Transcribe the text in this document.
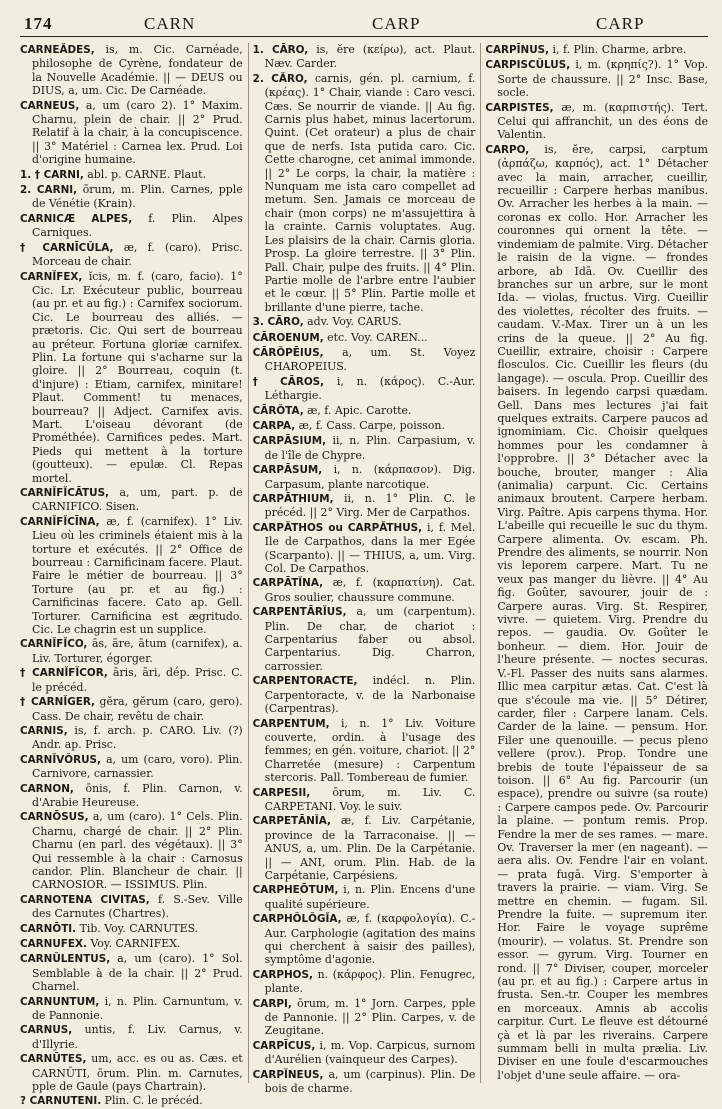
174	CARN	CARP	CARP

CARNEĂDES, is, m. Cic. Carnéade, philosophe de Cyrène, fondateur de la Nouvelle Académie. || — DEUS ou DIUS, a, um. Cic. De Carnéade.

CARNEUS, a, um (caro 2). 1° Maxim. Charnu, plein de chair. || 2° Prud. Relatif à la chair, à la concupiscence. || 3° Matériel : Carnea lex. Prud. Loi d'origine humaine.

1. † CARNI, abl. p. CARNE. Plaut.

2. CARNI, ōrum, m. Plin. Carnes, pple de Vénétie (Krain).

CARNICÆ ALPES, f. Plin. Alpes Carniques.

† CARNĪCŬLA, æ, f. (caro). Prisc. Morceau de chair.

CARNĬFEX, ĭcis, m. f. (caro, facio). 1° Cic. Lr. Exécuteur public, bourreau (au pr. et au fig.) : Carnifex sociorum. Cic. Le bourreau des alliés. — prætoris. Cic. Qui sert de bourreau au préteur. Fortuna gloriæ carnifex. Plin. La fortune qui s'acharne sur la gloire. || 2° Bourreau, coquin (t. d'injure) : Etiam, carnifex, minitare! Plaut. Comment! tu menaces, bourreau? || Adject. Carnifex avis. Mart. L'oiseau dévorant (de Prométhée). Carnifices pedes. Mart. Pieds qui mettent à la torture (goutteux). — epulæ. Cl. Repas mortel.

CARNĬFĬCĀTUS, a, um, part. p. de CARNIFICO. Sisen.

CARNĬFĬCĪNA, æ, f. (carnifex). 1° Liv. Lieu où les criminels étaient mis à la torture et exécutés. || 2° Office de bourreau : Carnificinam facere. Plaut. Faire le métier de bourreau. || 3° Torture (au pr. et au fig.) : Carnificinas facere. Cato ap. Gell. Torturer. Carnificina est ægritudo. Cic. Le chagrin est un supplice.

CARNĬFĬCO, ās, āre, ātum (carnifex), a. Liv. Torturer, égorger.

† CARNĬFĬCOR, āris, āri, dép. Prisc. C. le précéd.

† CARNĬGER, gĕra, gĕrum (caro, gero). Cass. De chair, revêtu de chair.

CARNIS, is, f. arch. p. CARO. Liv. (?) Andr. ap. Prisc.

CARNĬVŎRUS, a, um (caro, voro). Plin. Carnivore, carnassier.

CARNON, ōnis, f. Plin. Carnon, v. d'Arabie Heureuse.

CARNŌSUS, a, um (caro). 1° Cels. Plin. Charnu, chargé de chair. || 2° Plin. Charnu (en parl. des végétaux). || 3° Qui ressemble à la chair : Carnosus candor. Plin. Blancheur de chair. || CARNOSIOR. — ISSIMUS. Plin.

CARNOTENA CIVITAS, f. S.-Sev. Ville des Carnutes (Chartres).

CARNŌTI. Tib. Voy. CARNUTES.

CARNUFEX. Voy. CARNIFEX.

CARNŬLENTUS, a, um (caro). 1° Sol. Semblable à de la chair. || 2° Prud. Charnel.

CARNUNTUM, i, n. Plin. Carnuntum, v. de Pannonie.

CARNUS, untis, f. Liv. Carnus, v. d'Illyrie.

CARNŪTES, um, acc. es ou as. Cæs. et CARNŪTI, ōrum. Plin. m. Carnutes, pple de Gaule (pays Chartrain).

? CARNUTENI. Plin. C. le précéd.

1. CĀRO, is, ĕre (κείρω), act. Plaut. Næv. Carder.

2. CĂRO, carnis, gén. pl. carnium, f. (κρέας). 1° Chair, viande : Caro vesci. Cæs. Se nourrir de viande. || Au fig. Carnis plus habet, minus lacertorum. Quint. (Cet orateur) a plus de chair que de nerfs. Ista putida caro. Cic. Cette charogne, cet animal immonde. || 2° Le corps, la chair, la matière : Nunquam me ista caro compellet ad metum. Sen. Jamais ce morceau de chair (mon corps) ne m'assujettira à la crainte. Carnis voluptates. Aug. Les plaisirs de la chair. Carnis gloria. Prosp. La gloire terrestre. || 3° Plin. Pall. Chair, pulpe des fruits. || 4° Plin. Partie molle de l'arbre entre l'aubier et le cœur. || 5° Plin. Partie molle et brillante d'une pierre, tache.

3. CĀRO, adv. Voy. CARUS.

CĀROENUM, etc. Voy. CAREN...

CĀRŎPĒIUS, a, um. St. Voyez CHAROPEIUS.

† CĀROS, i, n. (κάρος). C.-Aur. Léthargie.

CĀRŎTA, æ, f. Apic. Carotte.

CARPA, æ, f. Cass. Carpe, poisson.

CARPĀSIUM, ii, n. Plin. Carpasium, v. de l'île de Chypre.

CARPĀSUM, i, n. (κάρπασον). Dig. Carpasum, plante narcotique.

CARPĀTHIUM, ii, n. 1° Plin. C. le précéd. || 2° Virg. Mer de Carpathos.

CARPĂTHOS ou CARPĂTHUS, i, f. Mel. Ile de Carpathos, dans la mer Egée (Scarpanto). || — THIUS, a, um. Virg. Col. De Carpathos.

CARPĀTĬNA, æ, f. (καρπατίνη). Cat. Gros soulier, chaussure commune.

CARPENTĀRĬUS, a, um (carpentum). Plin. De char, de chariot : Carpentarius faber ou absol. Carpentarius. Dig. Charron, carrossier.

CARPENTORACTE, indécl. n. Plin. Carpentoracte, v. de la Narbonaise (Carpentras).

CARPENTUM, i, n. 1° Liv. Voiture couverte, ordin. à l'usage des femmes; en gén. voiture, chariot. || 2° Charretée (mesure) : Carpentum stercoris. Pall. Tombereau de fumier.

CARPESII, ōrum, m. Liv. C. CARPETANI. Voy. le suiv.

CARPETĀNĬA, æ, f. Liv. Carpétanie, province de la Tarraconaise. || — ANUS, a, um. Plin. De la Carpétanie. || — ANI, orum. Plin. Hab. de la Carpétanie, Carpésiens.

CARPHEŌTUM, i, n. Plin. Encens d'une qualité supérieure.

CARPHŎLŎGĬA, æ, f. (καρφολογία). C.-Aur. Carphologie (agitation des mains qui cherchent à saisir des pailles), symptôme d'agonie.

CARPHOS, n. (κάρφος). Plin. Fenugrec, plante.

CARPI, ōrum, m. 1° Jorn. Carpes, pple de Pannonie. || 2° Plin. Carpes, v. de Zeugitane.

CARPĪCUS, i, m. Vop. Carpicus, surnom d'Aurélien (vainqueur des Carpes).

CARPĬNEUS, a, um (carpinus). Plin. De bois de charme.

CARPĪNUS, i, f. Plin. Charme, arbre.

CARPISCŬLUS, i, m. (κρηπίς?). 1° Vop. Sorte de chaussure. || 2° Insc. Base, socle.

CARPISTES, æ, m. (καρπιστής). Tert. Celui qui affranchit, un des éons de Valentin.

CARPO, is, ĕre, carpsi, carptum (ἁρπάζω, καρπός), act. 1° Détacher avec la main, arracher, cueillir, recueillir : Carpere herbas manibus. Ov. Arracher les herbes à la main. — coronas ex collo. Hor. Arracher les couronnes qui ornent la tête. — vindemiam de palmite. Virg. Détacher le raisin de la vigne. — frondes arbore, ab Idā. Ov. Cueillir des branches sur un arbre, sur le mont Ida. — violas, fructus. Virg. Cueillir des violettes, récolter des fruits. — caudam. V.-Max. Tirer un à un les crins de la queue. || 2° Au fig. Cueillir, extraire, choisir : Carpere flosculos. Cic. Cueillir les fleurs (du langage). — oscula. Prop. Cueillir des baisers. In legendo carpsi quædam. Gell. Dans mes lectures j'ai fait quelques extraits. Carpere paucos ad ignominiam. Cic. Choisir quelques hommes pour les condamner à l'opprobre. || 3° Détacher avec la bouche, brouter, manger : Alia (animalia) carpunt. Cic. Certains animaux broutent. Carpere herbam. Virg. Paître. Apis carpens thyma. Hor. L'abeille qui recueille le suc du thym. Carpere alimenta. Ov. escam. Ph. Prendre des aliments, se nourrir. Non vis leporem carpere. Mart. Tu ne veux pas manger du lièvre. || 4° Au fig. Goûter, savourer, jouir de : Carpere auras. Virg. St. Respirer, vivre. — quietem. Virg. Prendre du repos. — gaudia. Ov. Goûter le bonheur. — diem. Hor. Jouir de l'heure présente. — noctes securas. V.-Fl. Passer des nuits sans alarmes. Illic mea carpitur ætas. Cat. C'est là que s'écoule ma vie. || 5° Détirer, carder, filer : Carpere lanam. Cels. Carder de la laine. — pensum. Hor. Filer une quenouille. — pecus pleno vellere (prov.). Prop. Tondre une brebis de toute l'épaisseur de sa toison. || 6° Au fig. Parcourir (un espace), prendre ou suivre (sa route) : Carpere campos pede. Ov. Parcourir la plaine. — pontum remis. Prop. Fendre la mer de ses rames. — mare. Ov. Traverser la mer (en nageant). — aera alis. Ov. Fendre l'air en volant. — prata fugā. Virg. S'emporter à travers la prairie. — viam. Virg. Se mettre en chemin. — fugam. Sil. Prendre la fuite. — supremum iter. Hor. Faire le voyage suprême (mourir). — volatus. St. Prendre son essor. — gyrum. Virg. Tourner en rond. || 7° Diviser, couper, morceler (au pr. et au fig.) : Carpere artus in frusta. Sen.-tr. Couper les membres en morceaux. Amnis ab accolis carpitur. Curt. Le fleuve est détourné çà et là par les riverains. Carpere summam belli in multa prælia. Liv. Diviser en une foule d'escarmouches l'objet d'une seule affaire. — ora-
